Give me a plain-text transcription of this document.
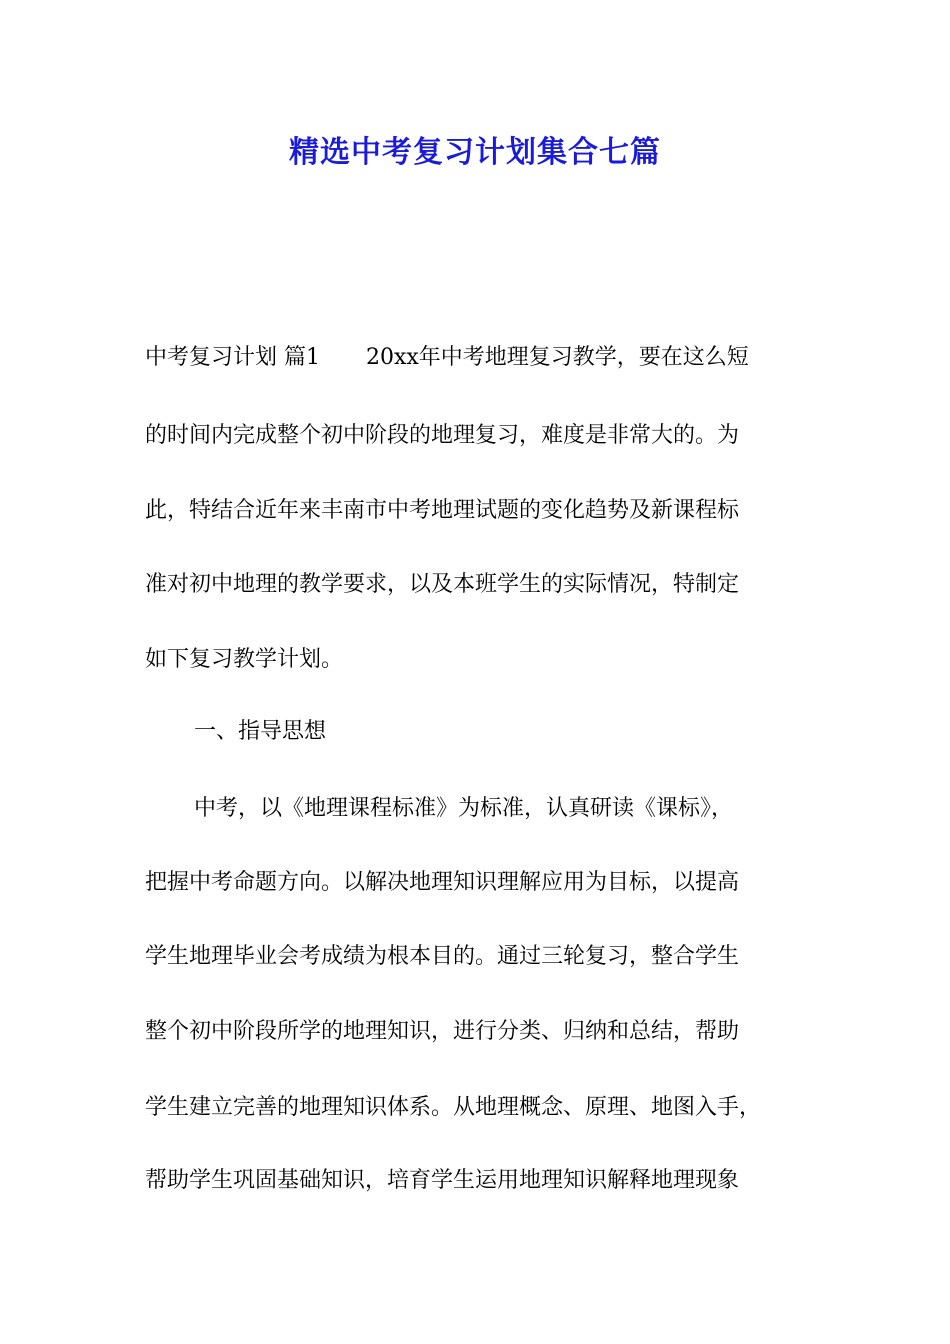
精选中考复习计划集合七篇
中考复习计划 篇1 20xx年中考地理复习教学，要在这么短
的时间内完成整个初中阶段的地理复习，难度是非常大的。为
此，特结合近年来丰南市中考地理试题的变化趋势及新课程标
准对初中地理的教学要求，以及本班学生的实际情况，特制定
如下复习教学计划。
一、指导思想
中考，以《地理课程标准》为标准，认真研读《课标》，
把握中考命题方向。以解决地理知识理解应用为目标，以提高
学生地理毕业会考成绩为根本目的。通过三轮复习，整合学生
整个初中阶段所学的地理知识，进行分类、归纳和总结，帮助
学生建立完善的地理知识体系。从地理概念、原理、地图入手，
帮助学生巩固基础知识，培育学生运用地理知识解释地理现象
